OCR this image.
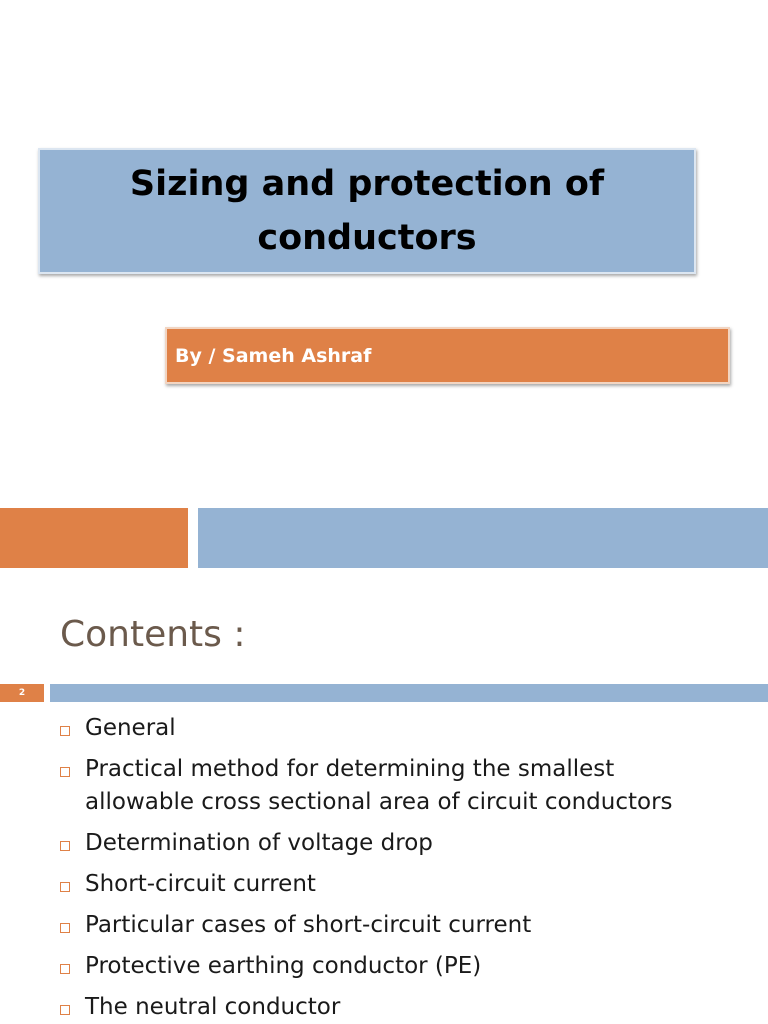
Sizing and protection of conductors
By / Sameh Ashraf
Contents :
2
General
Practical method for determining the smallest allowable cross sectional area of circuit conductors
Determination of voltage drop
Short-circuit current
Particular cases of short-circuit current
Protective earthing conductor (PE)
The neutral conductor
